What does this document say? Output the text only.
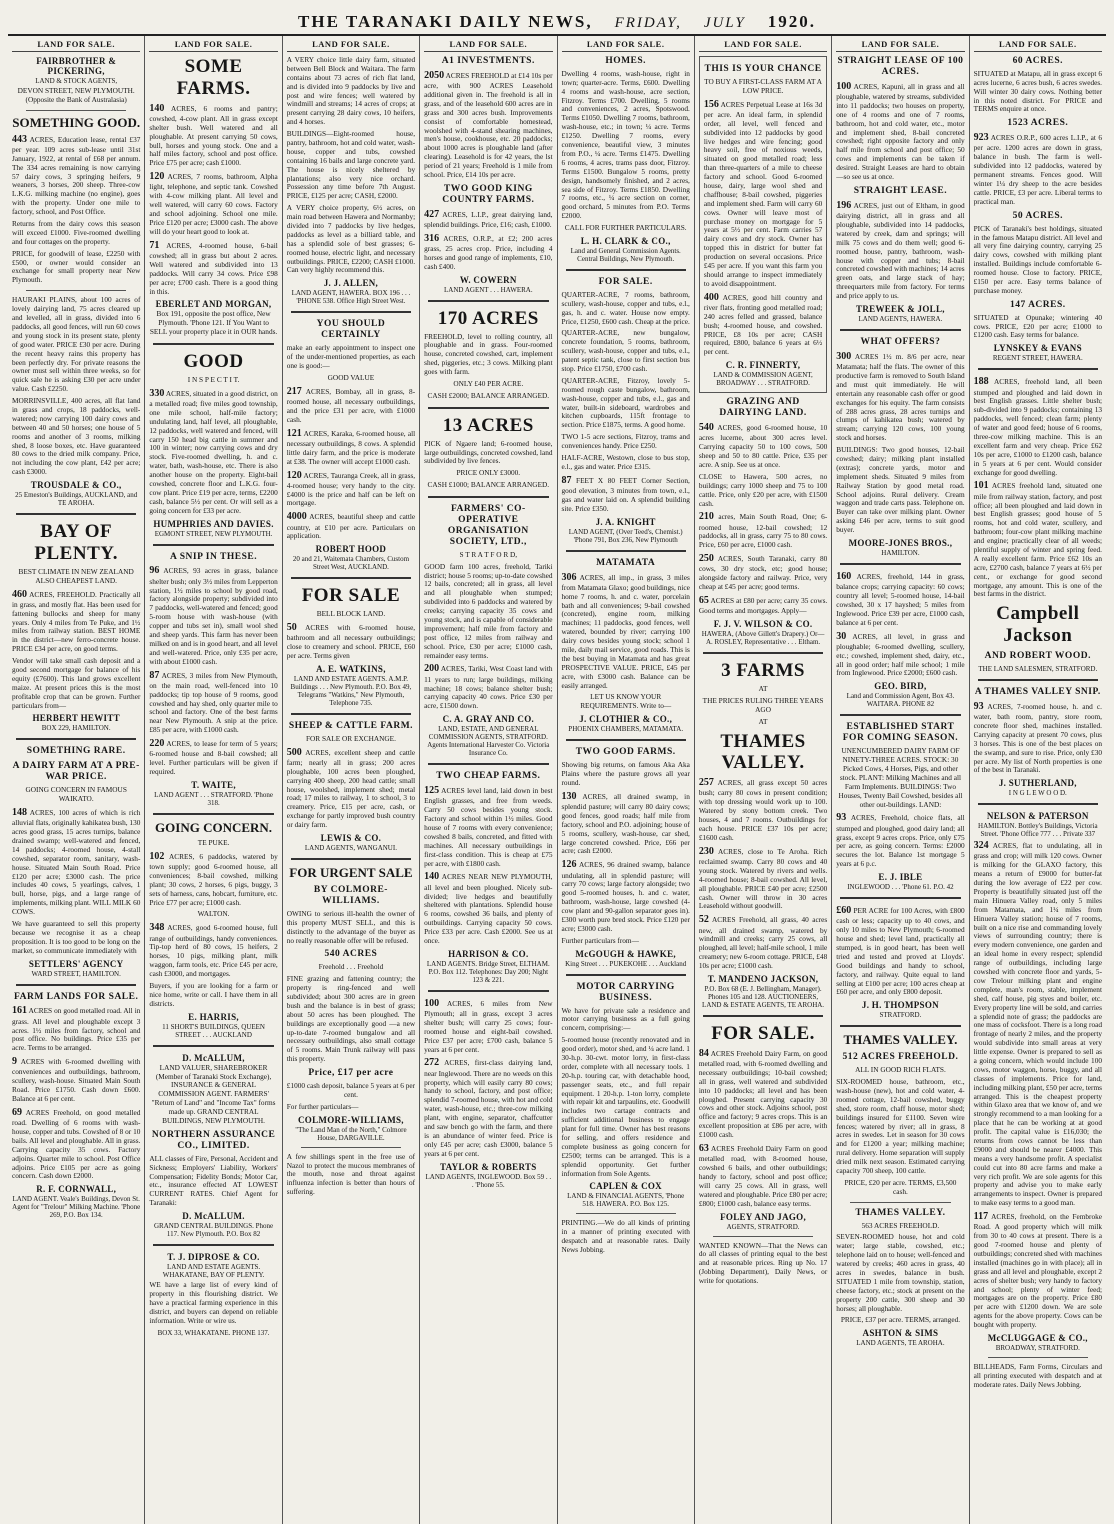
THE TARANAKI DAILY NEWS, FRIDAY, JULY 1920.
LAND FOR SALE.
FAIRBROTHER & PICKERING,
LAND & STOCK AGENTS,
DEVON STREET, NEW PLYMOUTH. (Opposite the Bank of Australasia)
SOMETHING GOOD.
443 ACRES, Education lease, rental £37 per year. 109 acres sub-lease until 31st January, 1922, at rental of £68 per annum. The 334 acres remaining is now carrying 57 dairy cows, 3 springing heifers, 9 weaners, 3 horses, 200 sheep. Three-cow L.K.G. milking machine (no engine), goes with the property. Under one mile to factory, school, and Post Office.
Returns from the dairy cows this season will exceed £1000. Five-roomed dwelling and four cottages on the property.
PRICE, for goodwill of lease, £2250 with £500, or owner would consider an exchange for small property near New Plymouth.
HAURAKI PLAINS, about 100 acres of lovely dairying land, 75 acres cleared up and levelled, all in grass, divided into 6 paddocks, all good fences, will run 60 cows and young stock in its present state, plenty of good water. PRICE £30 per acre. During the recent heavy rains this property has been perfectly dry. For private reasons the owner must sell within three weeks, so for quick sale he is asking £30 per acre under value. Cash £2250.
MORRINSVILLE, 400 acres, all flat land in grass and crops, 18 paddocks, well-watered; now carrying 100 dairy cows and between 40 and 50 horses; one house of 5 rooms and another of 3 rooms, milking shed, 8 loose boxes, etc. Have guaranteed 80 cows to the dried milk company. Price, not including the cow plant, £42 per acre; cash £3000.
TROUSDALE & CO.,
25 Emeston's Buildings, AUCKLAND, and TE AROHA.
BAY OF PLENTY.
BEST CLIMATE IN NEW ZEALAND ALSO CHEAPEST LAND.
460 ACRES, FREEHOLD. Practically all in grass, and mostly flat. Has been used for fattening bullocks and sheep for many years. Only 4 miles from Te Puke, and 1½ miles from railway station. BEST HOME in the district—new ferro-concrete house. PRICE £34 per acre, on good terms.
Vendor will take small cash deposit and a good second mortgage for balance of his equity (£7600). This land grows excellent maize. At present prices this is the most profitable crop that can be grown. Further particulars from—
HERBERT HEWITT
BOX 229, HAMILTON.
SOMETHING RARE.
A DAIRY FARM AT A PRE-WAR PRICE.
GOING CONCERN IN FAMOUS WAIKATO.
148 ACRES, 100 acres of which is rich alluvial flats, originally kahikatea bush, 130 acres good grass, 15 acres turnips, balance drained swamp; well-watered and fenced, 14 paddocks; 4-roomed house, 4-stall cowshed, separator room, sanitary, wash-house. Situated Main South Road. Price £120 per acre; £3000 cash. The price includes 40 cows, 5 yearlings, calves, 1 bull, horse, pigs, and a large range of implements, milking plant. WILL MILK 60 COWS.
We have guaranteed to sell this property because we recognise it as a cheap proposition. It is too good to be long on the market, so communicate immediately with
SETTLERS' AGENCY
WARD STREET, HAMILTON.
FARM LANDS FOR SALE.
161 ACRES on good metalled road. All in grass. All level and ploughable except 3 acres. 1½ miles from factory, school and post office. No buildings. Price £35 per acre. Terms to be arranged.
9 ACRES with 6-roomed dwelling with conveniences and outbuildings, bathroom, scullery, wash-house. Situated Main South Road. Price £1750. Cash down £600. Balance at 6 per cent.
69 ACRES Freehold, on good metalled road. Dwelling of 6 rooms with wash-house, copper and tubs. Cowshed of 8 or 10 bails. All level and ploughable. All in grass. Carrying capacity 35 cows. Factory adjoins. Quarter mile to school. Post Office adjoins. Price £105 per acre as going concern. Cash down £2000.
R. F. CORNWALL,
LAND AGENT. Veale's Buildings, Devon St. Agent for "Trelour" Milking Machine. 'Phone 269, P.O. Box 134.
LAND FOR SALE.
SOME FARMS.
140 ACRES, 6 rooms and pantry; cowshed, 4-cow plant. All in grass except shelter bush. Well watered and all ploughable. At present carrying 50 cows, bull, horses and young stock. One and a half miles factory, school and post office. Price £75 per acre; cash £1000.
120 ACRES, 7 rooms, bathroom, Alpha light, telephone, and septic tank. Cowshed with 4-cow milking plant. All level and well watered, will carry 60 cows. Factory and school adjoining. School one mile. Price £120 per acre; £3000 cash. The above will do your heart good to look at.
71 ACRES, 4-roomed house, 6-bail cowshed; all in grass but about 2 acres. Well watered and subdivided into 13 paddocks. Will carry 34 cows. Price £98 per acre; £700 cash. There is a good thing in this.
EBERLET AND MORGAN,
Box 191, opposite the post office, New Plymouth. 'Phone 121. If You Want to SELL your property place it in OUR hands.
GOOD
I N S P E C T I T.
330 ACRES, situated in a good district, on a metalled road; five miles good township, one mile school, half-mile factory; undulating land, half level, all ploughable, 12 paddocks, well watered and fenced, will carry 150 head big cattle in summer and 100 in winter; now carrying cows and dry stock. Five-roomed dwelling, h. and c. water, bath, wash-house, etc. There is also another house on the property. Eight-bail cowshed, concrete floor and L.K.G. four-cow plant. Price £19 per acre, terms, £2200 cash, balance 5½ per cent. Or will sell as a going concern for £33 per acre.
HUMPHRIES AND DAVIES.
EGMONT STREET, NEW PLYMOUTH.
A SNIP IN THESE.
96 ACRES, 93 acres in grass, balance shelter bush; only 3½ miles from Lepperton station, 1½ miles to school by good road, factory alongside property; subdivided into 7 paddocks, well-watered and fenced; good 5-room house with wash-house (with copper and tubs set in), small wool shed and sheep yards. This farm has never been milked on and is in good heart, and all level and well-watered. Price, only £35 per acre, with about £1000 cash.
87 ACRES, 3 miles from New Plymouth, on the main road, well-fenced into 10 paddocks; tip top house of 9 rooms, good cowshed and hay shed, only quarter mile to school and factory. One of the best farms near New Plymouth. A snip at the price. £85 per acre, with £1000 cash.
220 ACRES, to lease for term of 5 years; 6-roomed house and 8-bail cowshed; all level. Further particulars will be given if required.
T. WAITE,
LAND AGENT . . . STRATFORD. 'Phone 318.
GOING CONCERN.
TE PUKE.
102 ACRES, 6 paddocks, watered by town supply; good 6-roomed house, all conveniences; 8-bail cowshed, milking plant; 30 cows, 2 horses, 6 pigs, buggy, 3 sets of harness, cans, hobcart, furniture, etc. Price £77 per acre; £1000 cash.
WALTON.
348 ACRES, good 6-roomed house, full range of outbuildings, handy conveniences. Tip-top herd of 80 cows, 15 heifers, 2 horses, 10 pigs, milking plant, milk waggon, farm tools, etc. Price £45 per acre, cash £3000, and mortgages.
Buyers, if you are looking for a farm or nice home, write or call. I have them in all districts.
E. HARRIS,
11 SHORT'S BUILDINGS, QUEEN STREET . . . AUCKLAND
D. McALLUM,
LAND VALUER, SHAREBROKER (Member of Taranaki Stock Exchange), INSURANCE & GENERAL COMMISSION AGENT. FARMERS' "Return of Land" and "Income Tax" forms made up. GRAND CENTRAL BUILDINGS, NEW PLYMOUTH.
NORTHERN ASSURANCE CO., LIMITED.
ALL classes of Fire, Personal, Accident and Sickness; Employers' Liability, Workers' Compensation; Fidelity Bonds; Motor Car, etc., insurance effected AT LOWEST CURRENT RATES. Chief Agent for Taranaki:
D. McALLUM.
GRAND CENTRAL BUILDINGS. Phone 117. New Plymouth. P.O. Box 82
T. J. DIPROSE & CO.
LAND AND ESTATE AGENTS. WHAKATANE, BAY OF PLENTY.
WE have a large list of every kind of property in this flourishing district. We have a practical farming experience in this district, and buyers can depend on reliable information. Write or wire us.
BOX 33, WHAKATANE. PHONE 137.
LAND FOR SALE.
A VERY choice little dairy farm, situated between Bell Block and Waitara. The farm contains about 73 acres of rich flat land, and is divided into 9 paddocks by live and post and wire fences; well watered by windmill and streams; 14 acres of crops; at present carrying 28 dairy cows, 10 heifers, and 4 horses.
BUILDINGS—Eight-roomed house, pantry, bathroom, hot and cold water, wash-house, copper and tubs, cowshed containing 16 bails and large concrete yard. The house is nicely sheltered by plantations; also very nice orchard. Possession any time before 7th August. PRICE, £125 per acre; CASH, £2000.
A VERY choice property, 6½ acres, on main road between Hawera and Normanby; divided into 7 paddocks by live hedges, paddocks as level as a billiard table, and has a splendid sole of best grasses; 6-roomed house, electric light, and necessary outbuildings. PRICE, £2200; CASH £1000. Can very highly recommend this.
J. J. ALLEN,
LAND AGENT, HAWERA. BOX 196 . . . 'PHONE 538. Office High Street West.
YOU SHOULD CERTAINLY
make an early appointment to inspect one of the under-mentioned properties, as each one is good:—
GOOD VALUE
217 ACRES, Bombay, all in grass, 8-roomed house, all necessary outbuildings, and the price £31 per acre, with £1000 cash.
121 ACRES, Karaka, 6-roomed house, all necessary outbuildings, 8 cows. A splendid little dairy farm, and the price is moderate at £38. The owner will accept £1000 cash.
120 ACRES, Tauranga Creek, all in grass, 4-roomed house; very handy to the city. £4000 is the price and half can be left on mortgage.
4000 ACRES, beautiful sheep and cattle country, at £10 per acre. Particulars on application.
ROBERT HOOD
20 and 21, Waitemata Chambers, Custom Street West, AUCKLAND.
FOR SALE
BELL BLOCK LAND.
50 ACRES with 6-roomed house, bathroom and all necessary outbuildings; close to creamery and school. PRICE, £60 per acre. Terms given
A. E. WATKINS,
LAND AND ESTATE AGENTS. A.M.P. Buildings . . . New Plymouth. P.O. Box 49, Telegrams "Watkins," New Plymouth, Telephone 735.
SHEEP & CATTLE FARM.
FOR SALE OR EXCHANGE.
500 ACRES, excellent sheep and cattle farm; nearly all in grass; 200 acres ploughable, 100 acres been ploughed, carrying 400 sheep, 200 head cattle; small house, woolshed, implement shed; metal road; 17 miles to railway, 1 to school, 3 to creamery. Price, £15 per acre, cash, or exchange for partly improved bush country or dairy farm.
LEWIS & CO.
LAND AGENTS, WANGANUI.
FOR URGENT SALE
BY COLMORE-WILLIAMS.
OWING to serious ill-health the owner of this property MUST SELL, and this is distinctly to the advantage of the buyer as no really reasonable offer will be refused.
540 ACRES
Freehold . . . Freehold
FINE grazing and fattening country; the property is ring-fenced and well subdivided; about 300 acres are in green bush and the balance is in best of grass; about 50 acres has been ploughed. The buildings are exceptionally good —a new up-to-date 7-roomed bungalow and all necessary outbuildings, also small cottage of 5 rooms. Main Trunk railway will pass this property.
Price, £17 per acre
£1000 cash deposit, balance 5 years at 6 per cent.
For further particulars—
COLMORE-WILLIAMS,
"The Land Man of the North," Colmore House, DARGAVILLE.
A few shillings spent in the free use of Nazol to protect the mucous membranes of the mouth, nose and throat against influenza infection is better than hours of suffering.
LAND FOR SALE.
A1 INVESTMENTS.
2050 ACRES FREEHOLD at £14 10s per acre, with 900 ACRES Leasehold additional given in. The freehold is all in grass, and of the leasehold 600 acres are in grass and 300 acres bush. Improvements consist of comfortable homestead, woolshed with 4-stand shearing machines, men's house, cookhouse, etc. 20 paddocks; about 1000 acres is ploughable land (after clearing). Leasehold is for 42 years, the lst period of 21 years; Freehold is 1 mile from school. Price, £14 10s per acre.
TWO GOOD KING COUNTRY FARMS.
427 ACRES, L.I.P., great dairying land, splendid buildings. Price, £16; cash, £1000.
316 ACRES, O.R.P., at £2; 200 acres grass, 25 acres crop. Price, including 4 horses and good range of implements, £10, cash £400.
W. COWERN
LAND AGENT . . . HAWERA.
170 ACRES
FREEHOLD, level to rolling country, all ploughable and in grass. Four-roomed house, concreted cowshed, cart, implement shed, piggeries, etc.; 3 cows. Milking plant goes with farm.
ONLY £40 PER ACRE.
CASH £2000; BALANCE ARRANGED.
13 ACRES
PICK of Ngaere land; 6-roomed house, large outbuildings, concreted cowshed, land subdivided by live fences.
PRICE ONLY £3000.
CASH £1000; BALANCE ARRANGED.
FARMERS' CO-OPERATIVE ORGANISATION SOCIETY, LTD.,
S T R A T F O R D,
GOOD farm 100 acres, freehold, Tariki district; house 5 rooms; up-to-date cowshed 12 bails, concreted; all in grass, all level and all ploughable when stumped; subdivided into 6 paddocks and watered by creeks; carrying capacity 35 cows and young stock, and is capable of considerable improvement; half mile from factory and post office, 12 miles from railway and school. Price, £30 per acre; £1000 cash, remainder easy terms.
200 ACRES, Tariki, West Coast land with 11 years to run; large buildings, milking machine; 18 cows; balance shelter bush; carrying capacity 40 cows. Price £30 per acre, £1500 down.
C. A. GRAY AND CO.
LAND, ESTATE, AND GENERAL COMMISSION AGENTS, STRATFORD. Agents International Harvester Co. Victoria Insurance Co.
TWO CHEAP FARMS.
125 ACRES level land, laid down in best English grasses, and free from weeds. Carry 50 cows besides young stock. Factory and school within 1½ miles. Good house of 7 rooms with every convenience; cowshed 8 bails, concreted, and fitted with machines. All necessary outbuildings in first-class condition. This is cheap at £75 per acre, with £1800 cash.
140 ACRES NEAR NEW PLYMOUTH, all level and been ploughed. Nicely sub-divided; live hedges and beautifully sheltered with plantations. Splendid house 6 rooms, cowshed 36 bails, and plenty of outbuildings. Carrying capacity 50 cows. Price £33 per acre. Cash £2000. See us at once.
HARRISON & CO.
LAND AGENTS. Bridge Street, ELTHAM. P.O. Box 112. Telephones: Day 200; Night 123 & 221.
100 ACRES, 6 miles from New Plymouth; all in grass, except 3 acres shelter bush; will carry 25 cows; four-roomed house and eight-bail cowshed. Price £37 per acre; £700 cash, balance 5 years at 6 per cent.
272 ACRES, first-class dairying land, near Inglewood. There are no weeds on this property, which will easily carry 80 cows; handy to school, factory, and post office; splendid 7-roomed house, with hot and cold water, wash-house, etc.; three-cow milking plant, with engine, separator, chaffcutter and saw bench go with the farm, and there is an abundance of winter feed. Price is only £45 per acre; cash £3000, balance 5 years at 6 per cent.
TAYLOR & ROBERTS
LAND AGENTS, INGLEWOOD. Box 59 . . . 'Phone 55.
LAND FOR SALE.
HOMES.
Dwelling 4 rooms, wash-house, right in town; quarter-acre. Terms, £600. Dwelling 4 rooms and wash-house, acre section, Fitzroy. Terms £700. Dwelling, 5 rooms and conveniences, 2 acres, Spotswood. Terms £1050. Dwelling 7 rooms, bathroom, wash-house, etc.; in town; ¼ acre. Terms £1250. Dwelling 7 rooms, every convenience, beautiful view, 3 minutes from P.O., ¼ acre. Terms £1475. Dwelling 6 rooms, 4 acres, trams pass door, Fitzroy. Terms £1500. Bungalow 5 rooms, pretty design, handsomely finished, and 2 acres, sea side of Fitzroy. Terms £1850. Dwelling 7 rooms, etc., ¼ acre section on corner, good orchard, 5 minutes from P.O. Terms £2000.
CALL FOR FURTHER PARTICULARS.
L. H. CLARK & CO.,
Land and General Commission Agents. Central Buildings, New Plymouth.
FOR SALE.
QUARTER-ACRE, 7 rooms, bathroom, scullery, wash-house, copper and tubs, e.l., gas, h. and c. water. House now empty. Price, £1250, £600 cash. Cheap at the price.
QUARTER-ACRE, new bungalow, concrete foundation, 5 rooms, bathroom, scullery, wash-house, copper and tubs, e.l., patent septic tank, close to first section bus stop. Price £1750, £700 cash.
QUARTER-ACRE, Fitzroy, lovely 5-roomed rough caste bungalow, bathroom, wash-house, copper and tubs, e.l., gas and water, built-in sideboard, wardrobes and kitchen cupboards, 115ft frontage to section. Price £1875, terms. A good home.
TWO 1-5 acre sections, Fitzroy, trams and conveniences handy. Price £250.
HALF-ACRE, Westown, close to bus stop, e.l., gas and water. Price £315.
87 FEET X 80 FEET Corner Section, good elevation, 3 minutes from town, e.l., gas and water laid on. A splendid building site. Price £350.
J. A. KNIGHT
LAND AGENT, (Over Teed's, Chemist.) 'Phone 791, Box 236, New Plymouth
MATAMATA
306 ACRES, all imp., in grass, 3 miles from Matamata Glaxo; good buildings, nice home 7 rooms, h. and c. water, porcelain bath and all conveniences; 9-bail cowshed (concreted), engine room, milking machines; 11 paddocks, good fences, well watered, bounded by river; carrying 100 dairy cows besides young stock; school 1 mile, daily mail service, good roads. This is the best buying in Matamata and has great PROSPECTIVE VALUE. PRICE, £45 per acre, with £3000 cash. Balance can be easily arranged.
LET US KNOW YOUR REQUIREMENTS. Write to—
J. CLOTHIER & CO.,
PHOENIX CHAMBERS, MATAMATA.
TWO GOOD FARMS.
Showing big returns, on famous Aka Aka Plains where the pasture grows all year round.
130 ACRES, all drained swamp, in splendid pasture; will carry 80 dairy cows; good fences, good roads; half mile from factory, school and P.O. adjoining; house of 5 rooms, scullery, wash-house, car shed, large concreted cowshed. Price, £66 per acre; cash £2000.
126 ACRES, 96 drained swamp, balance undulating, all in splendid pasture; will carry 70 cows; large factory alongside; two good 5-roomed houses, h. and c. water, bathroom, wash-house, large cowshed (4-cow plant and 90-gallon separator goes in). £300 worth pure bred stock. Price £120 per acre; £3000 cash.
Further particulars from—
McGOUGH & HAWKE,
King Street . . . PUKEKOHE . . . Auckland
MOTOR CARRYING BUSINESS.
We have for private sale a residence and motor carrying business as a full going concern, comprising:—
5-roomed house (recently renovated and in good order), motor shed, and ¼ acre land. 1 30-h.p. 30-cwt. motor lorry, in first-class order, complete with all necessary tools. 1 20-h.p. touring car, with detachable hood, passenger seats, etc., and full repair equipment. 1 20-h.p. 1-ton lorry, complete with repair kit and tarpaulins, etc. Goodwill includes two cartage contracts and sufficient additional business to engage plant for full time. Owner has best reasons for selling, and offers residence and complete business as going concern for £2500; terms can be arranged. This is a splendid opportunity. Get further information from Sole Agents.
CAPLEN & COX
LAND & FINANCIAL AGENTS, 'Phone 518. HAWERA. P.O. Box 125.
PRINTING.—We do all kinds of printing in a manner of printing executed with despatch and at reasonable rates. Daily News Jobbing.
LAND FOR SALE.
THIS IS YOUR CHANCE
TO BUY A FIRST-CLASS FARM AT A LOW PRICE.
156 ACRES Perpetual Lease at 16s 3d per acre. An ideal farm, in splendid order, all level, well fenced and subdivided into 12 paddocks by good live hedges and wire fencing; good heavy soil, free of noxious weeds, situated on good metalled road; less than three-quarters of a mile to cheese factory and school. Good 6-roomed house, dairy, large wool shed and chaffhouse; 8-bail cowshed, piggeries and implement shed. Farm will carry 60 cows. Owner will leave most of purchase money on mortgage for 5 years at 5½ per cent. Farm carries 57 dairy cows and dry stock. Owner has topped this in district for butter fat production on several occasions. Price £45 per acre. If you want this farm you should arrange to inspect immediately to avoid disappointment.
400 ACRES, good hill country and river flats, fronting good metalled road; 240 acres felled and grassed, balance bush; 4-roomed house, and cowshed. PRICE, £8 10s per acre; CASH required, £800, balance 6 years at 6½ per cent.
C. R. FINNERTY,
LAND & COMMISSION AGENT, BROADWAY . . . STRATFORD.
GRAZING AND DAIRYING LAND.
540 ACRES, good 6-roomed house, 10 acres lucerne, about 300 acres level. Carrying capacity 50 to 100 cows, 500 sheep and 50 to 80 cattle. Price, £35 per acre. A snip. See us at once.
CLOSE to Hawera, 500 acres, no buildings; carry 1000 sheep and 75 to 100 cattle. Price, only £20 per acre, with £1500 cash.
210 acres, Main South Road, One; 6-roomed house, 12-bail cowshed; 12 paddocks, all in grass, carry 75 to 80 cows. Price, £60 per acre, £1000 cash.
250 ACRES, South Taranaki, carry 80 cows, 30 dry stock, etc; good house; alongside factory and railway. Price, very cheap at £45 per acre; good terms.
65 ACRES at £80 per acre; carry 35 cows. Good terms and mortgages. Apply—
F. J. V. WILSON & CO.
HAWERA, (Above Gillett's Drapery.) Or— A. ROSLEY, Representative . . . Eltham.
3 FARMS
AT
THE PRICES RULING THREE YEARS AGO
AT
THAMES VALLEY.
257 ACRES, all grass except 50 acres bush; carry 80 cows in present condition; with top dressing would work up to 100. Watered by stony bottom creek. Two houses, 4 and 7 rooms. Outbuildings for each house. PRICE £37 10s per acre; £1600 cash.
230 ACRES, close to Te Aroha. Rich reclaimed swamp. Carry 80 cows and 40 young stock. Watered by rivers and wells. 4-roomed house; 8-bail cowshed. All level, all ploughable. PRICE £40 per acre; £2500 cash. Owner will throw in 30 acres Leasehold without goodwill.
52 ACRES Freehold, all grass, 40 acres new, all drained swamp, watered by windmill and creeks; carry 25 cows, all ploughed, all level; half-mile school, 1 mile creamery; new 6-room cottage. PRICE, £48 10s per acre; £1000 cash.
T. MANDENO JACKSON,
P.O. Box 68 (E. J. Bellingham, Manager). Phones 105 and 128. AUCTIONEERS, LAND & ESTATE AGENTS, TE AROHA.
FOR SALE.
84 ACRES Freehold Dairy Farm, on good metalled road, with 6-roomed dwelling and necessary outbuildings; 10-bail cowshed; all in grass, well watered and subdivided into 10 paddocks; all level and has been ploughed. Present carrying capacity 30 cows and other stock. Adjoins school, post office and factory; 9 acres crops. This is an excellent proposition at £86 per acre, with £1000 cash.
63 ACRES Freehold Dairy Farm on good metalled road, with 8-roomed house, cowshed 6 bails, and other outbuildings; handy to factory, school and post office; will carry 25 cows. All in grass, well watered and ploughable. Price £80 per acre; £800; £1000 cash, balance easy terms.
FOLEY AND JAGO,
AGENTS, STRATFORD.
WANTED KNOWN—That the News can do all classes of printing equal to the best and at reasonable prices. Ring up No. 17 (Jobbing Department), Daily News, or write for quotations.
LAND FOR SALE.
STRAIGHT LEASE OF 100 ACRES.
100 ACRES, Kapuni, all in grass and all ploughable, watered by streams, subdivided into 11 paddocks; two houses on property, one of 4 rooms and one of 7 rooms, bathroom, hot and cold water, etc., motor and implement shed, 8-bail concreted cowshed; right opposite factory and only half mile from school and post office; 50 cows and implements can be taken if desired. Straight Leases are hard to obtain—so see us at once.
STRAIGHT LEASE.
196 ACRES, just out of Eltham, in good dairying district, all in grass and all ploughable, subdivided into 14 paddocks, watered by creek, dam and springs; will milk 75 cows and do them well; good 6-roomed house, pantry, bathroom, wash-house with copper and tubs; 8-bail concreted cowshed with machines; 14 acres green oats, and large stack of hay; threequarters mile from factory. For terms and price apply to us.
TREWEEK & JOLL,
LAND AGENTS, HAWERA.
WHAT OFFERS?
300 ACRES 1½ m. 8/6 per acre, near Matamata; half the flats. The owner of this productive farm is removed to South Island and must quit immediately. He will entertain any reasonable cash offer or good exchanges for his equity. The farm consists of 288 acres grass, 28 acres turnips and clumps of kahikatea bush; watered by stream; carrying 120 cows, 100 young stock and horses.
BUILDINGS: Two good houses, 12-bail cowshed; dairy; milking plant installed (extras); concrete yards, motor and implement sheds. Situated 9 miles from Railway Station by good metal road. School adjoins. Rural delivery. Cream waggon and trade carts pass. Telephone on. Buyer can take over milking plant. Owner asking £46 per acre, terms to suit good buyer.
MOORE-JONES BROS.,
HAMILTON.
160 ACRES, freehold, 144 in grass, balance crops; carrying capacity: 60 cows; country all level; 5-roomed house, 14-bail cowshed, 30 x 17 hayshed; 5 miles from Inglewood. Price £39 per acre, £1000 cash, balance at 6 per cent.
30 ACRES, all level, in grass and ploughable; 6-roomed dwelling, scullery, etc.; cowshed, implement shed, dairy, etc., all in good order; half mile school; 1 mile from Inglewood. Price £2000; £600 cash.
GEO. BIRD,
Land and Commission Agent, Box 43. WAITARA. PHONE 82
ESTABLISHED START FOR COMING SEASON.
UNENCUMBERED DAIRY FARM OF NINETY-THREE ACRES. STOCK: 30 Picked Cows, 4 Horses, Pigs, and other stock. PLANT: Milking Machines and all Farm Implements. BUILDINGS: Two Houses, Twenty Bail Cowshed, besides all other out-buildings. LAND:
93 ACRES, Freehold, choice flats, all stumped and ploughed, good dairy land; all grass, except 9 acres crops. Price, only £75 per acre, as going concern. Terms: £2000 secures the lot. Balance 1st mortgage 5 years at 6 p.c.
E. J. IBLE
INGLEWOOD . . . 'Phone 61. P.O. 42
£60 PER ACRE for 100 Acres, with £800 cash or less; capacity up to 40 cows, and only 10 miles to New Plymouth; 6-roomed house and shed; level land, practically all stumped, is in good heart, has been well tried and tested and proved at Lloyds'. Good buildings and handy to school, factory, and railway. Quite equal to land selling at £100 per acre; 100 acres cheap at £60 per acre, and only £800 deposit.
J. H. THOMPSON
STRATFORD.
THAMES VALLEY.
512 ACRES FREEHOLD.
ALL IN GOOD RICH FLATS.
SIX-ROOMED house, bathroom, etc., wash-house (new), hot and cold water, 4-roomed cottage, 12-bail cowshed, buggy shed, store room, chaff house, motor shed; buildings insured for £1100. Seven wire fences; watered by river; all in grass, 8 acres in swedes. Let in season for 30 cows and for £1200 a year; milking machine; rural delivery. Home separation will supply dried milk next season. Estimated carrying capacity 700 sheep, 100 cattle.
PRICE, £20 per acre. TERMS, £3,500 cash.
THAMES VALLEY.
563 ACRES FREEHOLD.
SEVEN-ROOMED house, hot and cold water; large stable, cowshed, etc.; telephone laid on to house; well-fenced and watered by creeks; 460 acres in grass, 40 acres in swedes, balance in bush. SITUATED 1 mile from township, station, cheese factory, etc.; stock at present on the property 200 cattle, 300 sheep and 30 horses; all ploughable.
PRICE, £37 per acre. TERMS, arranged.
ASHTON & SIMS
LAND AGENTS, TE AROHA.
LAND FOR SALE.
60 ACRES.
SITUATED at Matapu, all in grass except 6 acres lucerne, 6 acres bush, 6 acres swedes. Will winter 30 dairy cows. Nothing better in this noted district. For PRICE and TERMS enquire at once.
1523 ACRES.
923 ACRES O.R.P., 600 acres L.I.P., at 6 per acre. 1200 acres are down in grass, balance in bush. The farm is well-subdivided into 12 paddocks, watered by permanent streams. Fences good. Will winter 1¼ dry sheep to the acre besides cattle. PRICE, £3 per acre. Liberal terms to practical man.
50 ACRES.
PICK of Taranaki's best holdings, situated in the famous Matapu district. All level and all very fine dairying country, carrying 25 dairy cows, cowshed with milking plant installed. Buildings include comfortable 6-roomed house. Close to factory. PRICE, £150 per acre. Easy terms balance of purchase money.
147 ACRES.
SITUATED at Opunake; wintering 40 cows. PRICE, £20 per acre; £1000 to £1200 cash. Easy terms for balance.
LYNSKEY & EVANS
REGENT STREET, HAWERA.
188 ACRES, freehold land, all been stumped and ploughed and laid down in best English grasses. Little shelter bush; sub-divided into 9 paddocks; containing 13 paddocks, well fenced; clean farm; plenty of water and good feed; house of 6 rooms, three-cow milking machine. This is an excellent farm and very cheap. Price £62 10s per acre, £1000 to £1200 cash, balance in 5 years at 6 per cent. Would consider exchange for good dwelling.
101 ACRES freehold land, situated one mile from railway station, factory, and post office; all been ploughed and laid down in best English grasses; good house of 5 rooms, hot and cold water, scullery, and bathroom; four-cow plant milking machine and engine; practically clear of all weeds; plentiful supply of winter and spring feed. A really excellent farm. Price £62 10s an acre, £2700 cash, balance 7 years at 6½ per cent., or exchange for good second mortgage, any amount. This is one of the best farms in the district.
Campbell Jackson
AND ROBERT WOOD.
THE LAND SALESMEN, STRATFORD.
A THAMES VALLEY SNIP.
93 ACRES, 7-roomed house, h. and c. water, bath room, pantry, store room, concrete floor shed, machines installed. Carrying capacity at present 70 cows, plus 3 horses. This is one of the best places on the swamp, and sure to rise. Price, only £30 per acre. My list of North properties is one of the best in Taranaki.
J. SUTHERLAND,
I N G L E W O O D.
NELSON & PATERSON
HAMILTON. Bottley's Buildings, Victoria Street. 'Phone Office 777 . . . Private 337
324 ACRES, flat to undulating, all in grass and crop; will milk 120 cows. Owner is milking for the GLAXO factory, this means a return of £9000 for butter-fat during the low average of £22 per cow. Property is beautifully situated just off the main Hinuera Valley road, only 5 miles from Matamata, and 1¼ miles from Hinuera Valley station; house of 7 rooms, built on a nice rise and commanding lovely views of surrounding country; there is every modern convenience, one garden and an ideal home in every respect; splendid range of outbuildings, including large cowshed with concrete floor and yards, 5-cow Trelour milking plant and engine complete, man's room, stable, implement shed, calf house, pig styes and boiler, etc. Every property line will be sold, and carries a splendid note of grass; the paddocks are one mass of cocksfoot. There is a long road frontage of nearly 2 miles, and the property would subdivide into small areas at very little expense. Owner is prepared to sell as a going concern, which would include 100 cows, motor waggon, horse, buggy, and all classes of implements. Price for land, including milking plant, £50 per acre, terms arranged. This is the cheapest property within Glaxo area that we know of, and we strongly recommend to a man looking for a place that he can be working at at good profit. The capital value is £16,030; the returns from cows cannot be less than £9000 and should be nearer £4000. This means a very handsome profit. A specialist could cut into 80 acre farms and make a very rich profit. We are sole agents for this property and advise you to make early arrangements to inspect. Owner is prepared to make easy terms to a good man.
117 ACRES, freehold, on the Fembroke Road. A good property which will milk from 30 to 40 cows at present. There is a good 7-roomed house and plenty of outbuildings; concreted shed with machines installed (machines go in with place); all in grass and all level and ploughable, except 2 acres of shelter bush; very handy to factory and school; plenty of winter feed; mortgages are on the property. Price £80 per acre with £1200 down. We are sole agents for the above property. Cows can be bought with property.
McCLUGGAGE & CO.,
BROADWAY, STRATFORD.
BILLHEADS, Farm Forms, Circulars and all printing executed with despatch and at moderate rates. Daily News Jobbing.
